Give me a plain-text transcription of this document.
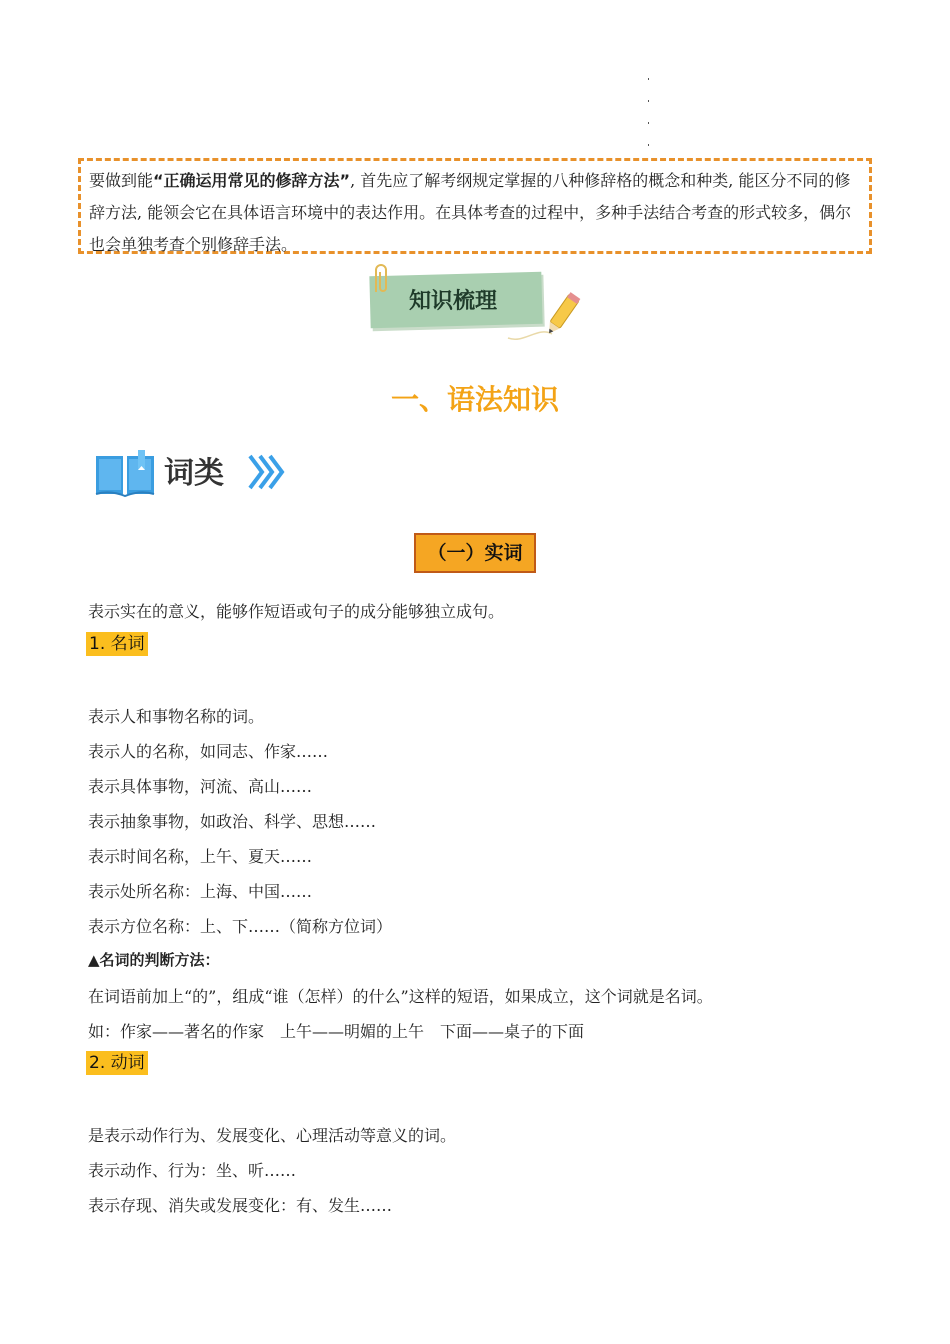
要做到能“正确运用常见的修辞方法”, 首先应了解考纲规定掌握的八种修辞格的概念和种类, 能区分不同的修辞方法, 能领会它在具体语言环境中的表达作用。在具体考查的过程中，多种手法结合考查的形式较多，偶尔也会单独考查个别修辞手法。
知识梳理
一、语法知识
词类
（一）实词
表示实在的意义，能够作短语或句子的成分能够独立成句。
1. 名词
表示人和事物名称的词。
表示人的名称，如同志、作家……
表示具体事物，河流、高山……
表示抽象事物，如政治、科学、思想……
表示时间名称，上午、夏天……
表示处所名称：上海、中国……
表示方位名称：上、下……（简称方位词）
▲名词的判断方法：
在词语前加上“的”，组成“谁（怎样）的什么”这样的短语，如果成立，这个词就是名词。
如：作家——著名的作家　上午——明媚的上午　下面——桌子的下面
2. 动词
是表示动作行为、发展变化、心理活动等意义的词。
表示动作、行为：坐、听……
表示存现、消失或发展变化：有、发生……
